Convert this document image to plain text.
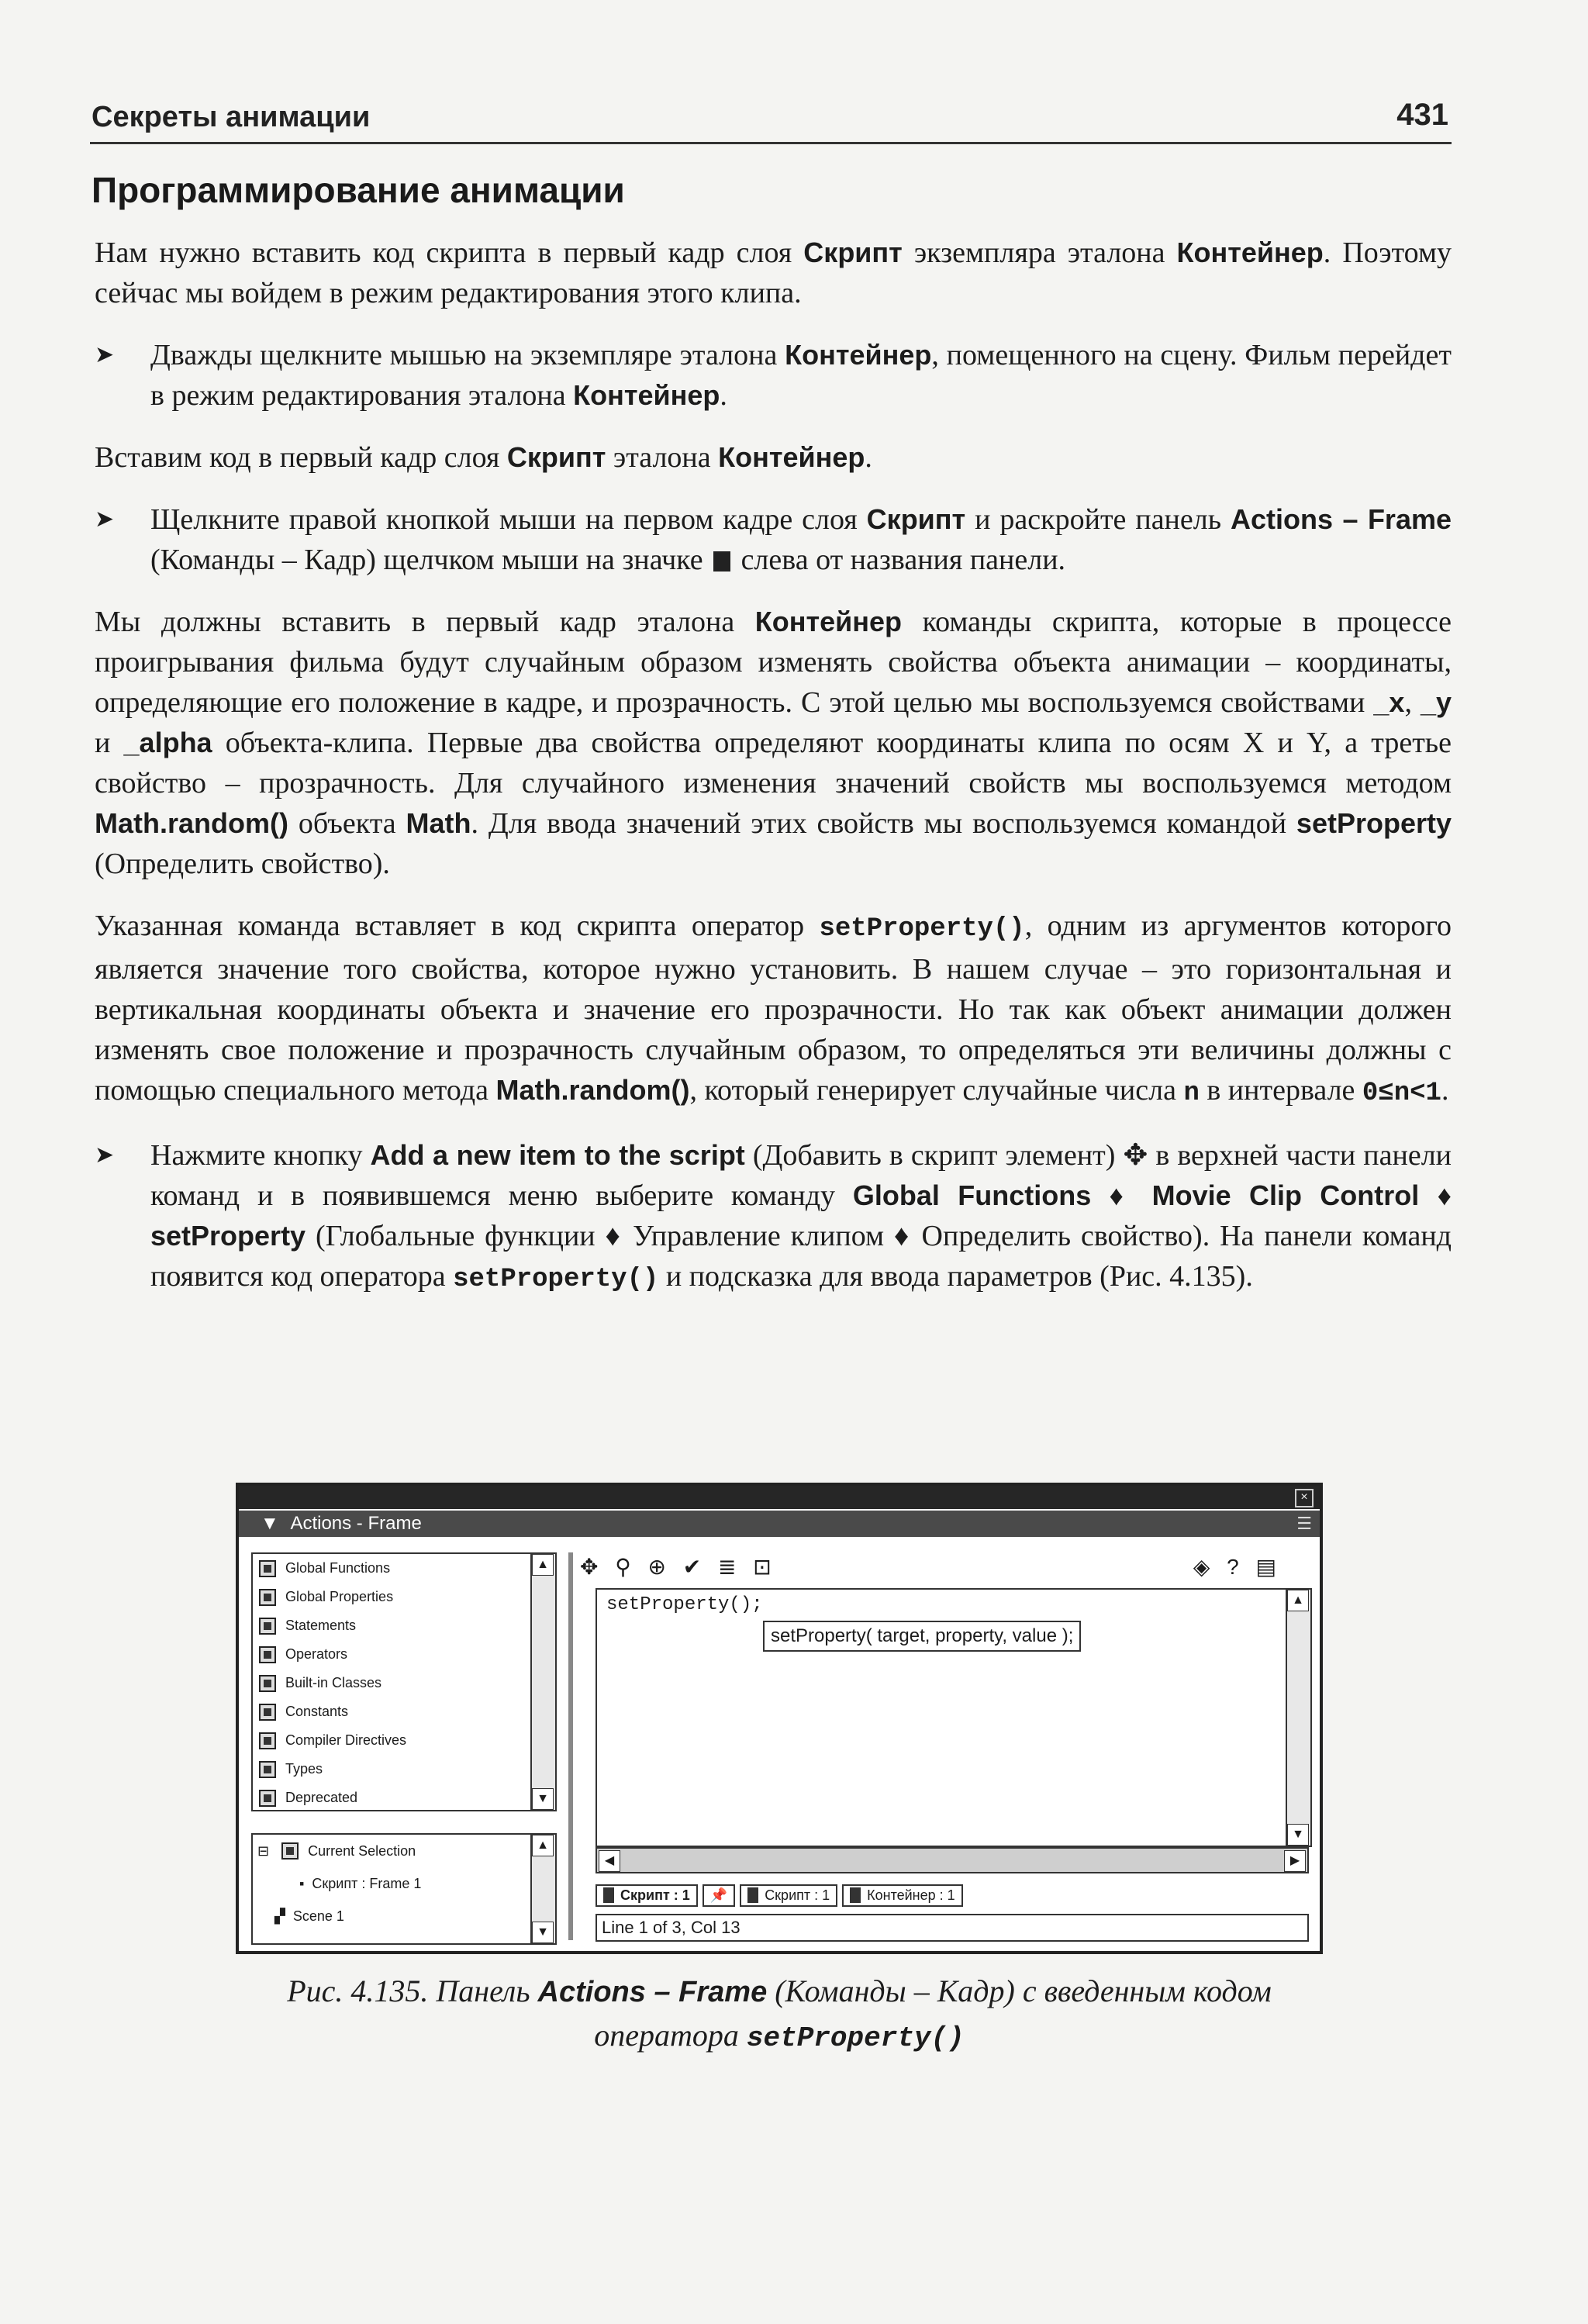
Секреты анимации	431
Программирование анимации

Нам нужно вставить код скрипта в первый кадр слоя Скрипт экземпляра эталона Контейнер. Поэтому сейчас мы войдем в режим редактирования этого клипа.

➤ Дважды щелкните мышью на экземпляре эталона Контейнер, помещенного на сцену. Фильм перейдет в режим редактирования эталона Контейнер.

Вставим код в первый кадр слоя Скрипт эталона Контейнер.

➤ Щелкните правой кнопкой мыши на первом кадре слоя Скрипт и раскройте панель Actions – Frame (Команды – Кадр) щелчком мыши на значке  слева от названия панели.

Мы должны вставить в первый кадр эталона Контейнер команды скрипта, которые в процессе проигрывания фильма будут случайным образом изменять свойства объекта анимации – координаты, определяющие его положение в кадре, и прозрачность. С этой целью мы воспользуемся свойствами _x, _y и _alpha объекта-клипа. Первые два свойства определяют координаты клипа по осям X и Y, а третье свойство – прозрачность. Для случайного изменения значений свойств мы воспользуемся методом Math.random() объекта Math. Для ввода значений этих свойств мы воспользуемся командой setProperty (Определить свойство).

Указанная команда вставляет в код скрипта оператор setProperty(), одним из аргументов которого является значение того свойства, которое нужно установить. В нашем случае – это горизонтальная и вертикальная координаты объекта и значение его прозрачности. Но так как объект анимации должен изменять свое положение и прозрачность случайным образом, то определяться эти величины должны с помощью специального метода Math.random(), который генерирует случайные числа n в интервале 0≤n<1.

➤ Нажмите кнопку Add a new item to the script (Добавить в скрипт элемент) ✥ в верхней части панели команд и в появившемся меню выберите команду Global Functions ♦ Movie Clip Control ♦ setProperty (Глобальные функции ♦ Управление клипом ♦ Определить свойство). На панели команд появится код оператора setProperty() и подсказка для ввода параметров (Рис. 4.135).
×
▼ Actions - Frame	☰
Global Functions
Global Properties
Statements
Operators
Built-in Classes
Constants
Compiler Directives
Types
Deprecated
▲
▼
⊟	Current Selection
▪ Скрипт : Frame 1
▞ Scene 1
▲
▼
✥ ⚲ ⊕ ✔ ≣ ⊡	◈ ? ▤
setProperty();
setProperty( target, property, value );
▲
▼
◀	▶
Скрипт : 1 📌	Скрипт : 1	Контейнер : 1
Line 1 of 3, Col 13
Рис. 4.135. Панель Actions – Frame (Команды – Кадр) с введенным кодом оператора setProperty()
